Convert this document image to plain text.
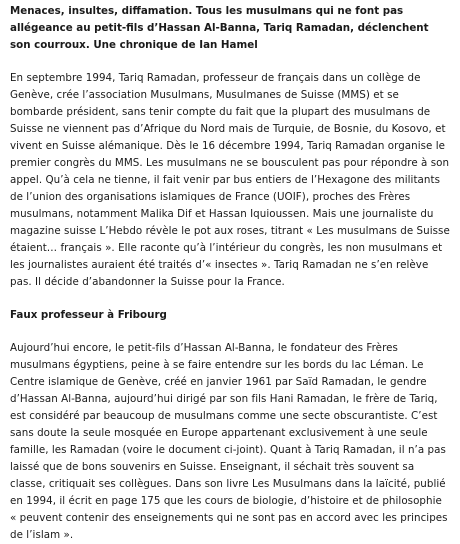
Menaces, insultes, diffamation. Tous les musulmans qui ne font pas allégeance au petit-fils d’Hassan Al-Banna, Tariq Ramadan, déclenchent son courroux. Une chronique de Ian Hamel

En septembre 1994, Tariq Ramadan, professeur de français dans un collège de Genève, crée l’association Musulmans, Musulmanes de Suisse (MMS) et se bombarde président, sans tenir compte du fait que la plupart des musulmans de Suisse ne viennent pas d’Afrique du Nord mais de Turquie, de Bosnie, du Kosovo, et vivent en Suisse alémanique. Dès le 16 décembre 1994, Tariq Ramadan organise le premier congrès du MMS. Les musulmans ne se bousculent pas pour répondre à son appel. Qu’à cela ne tienne, il fait venir par bus entiers de l’Hexagone des militants de l’union des organisations islamiques de France (UOIF), proches des Frères musulmans, notamment Malika Dif et Hassan Iquioussen. Mais une journaliste du magazine suisse L’Hebdo révèle le pot aux roses, titrant « Les musulmans de Suisse étaient… français ». Elle raconte qu’à l’intérieur du congrès, les non musulmans et les journalistes auraient été traités d’« insectes ». Tariq Ramadan ne s’en relève pas. Il décide d’abandonner la Suisse pour la France.

Faux professeur à Fribourg

Aujourd’hui encore, le petit-fils d’Hassan Al-Banna, le fondateur des Frères musulmans égyptiens, peine à se faire entendre sur les bords du lac Léman. Le Centre islamique de Genève, créé en janvier 1961 par Saïd Ramadan, le gendre d’Hassan Al-Banna, aujourd’hui dirigé par son fils Hani Ramadan, le frère de Tariq, est considéré par beaucoup de musulmans comme une secte obscurantiste. C’est sans doute la seule mosquée en Europe appartenant exclusivement à une seule famille, les Ramadan (voire le document ci-joint). Quant à Tariq Ramadan, il n’a pas laissé que de bons souvenirs en Suisse. Enseignant, il séchait très souvent sa classe, critiquait ses collègues. Dans son livre Les Musulmans dans la laïcité, publié en 1994, il écrit en page 175 que les cours de biologie, d’histoire et de philosophie « peuvent contenir des enseignements qui ne sont pas en accord avec les principes de l’islam ».
